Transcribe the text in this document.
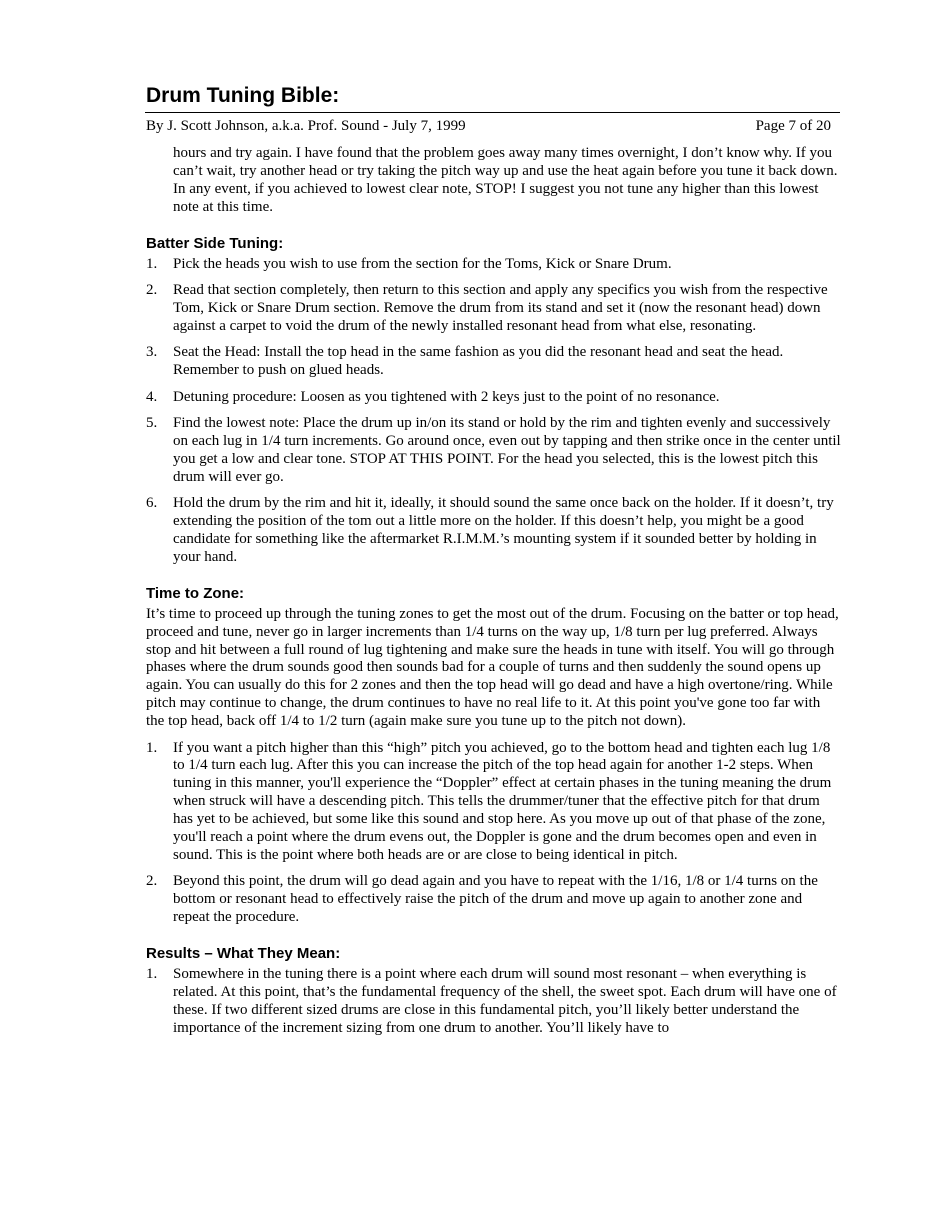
Drum Tuning Bible:
By J. Scott Johnson, a.k.a. Prof. Sound - July 7, 1999	Page 7 of 20

hours and try again. I have found that the problem goes away many times overnight, I don’t know why. If you can’t wait, try another head or try taking the pitch way up and use the heat again before you tune it back down. In any event, if you achieved to lowest clear note, STOP! I suggest you not tune any higher than this lowest note at this time.

Batter Side Tuning:
1. Pick the heads you wish to use from the section for the Toms, Kick or Snare Drum.
2. Read that section completely, then return to this section and apply any specifics you wish from the respective Tom, Kick or Snare Drum section. Remove the drum from its stand and set it (now the resonant head) down against a carpet to void the drum of the newly installed resonant head from what else, resonating.
3. Seat the Head: Install the top head in the same fashion as you did the resonant head and seat the head. Remember to push on glued heads.
4. Detuning procedure: Loosen as you tightened with 2 keys just to the point of no resonance.
5. Find the lowest note: Place the drum up in/on its stand or hold by the rim and tighten evenly and successively on each lug in 1/4 turn increments. Go around once, even out by tapping and then strike once in the center until you get a low and clear tone. STOP AT THIS POINT. For the head you selected, this is the lowest pitch this drum will ever go.
6. Hold the drum by the rim and hit it, ideally, it should sound the same once back on the holder. If it doesn’t, try extending the position of the tom out a little more on the holder. If this doesn’t help, you might be a good candidate for something like the aftermarket R.I.M.M.’s mounting system if it sounded better by holding in your hand.
Time to Zone:

It’s time to proceed up through the tuning zones to get the most out of the drum. Focusing on the batter or top head, proceed and tune, never go in larger increments than 1/4 turns on the way up, 1/8 turn per lug preferred. Always stop and hit between a full round of lug tightening and make sure the heads in tune with itself. You will go through phases where the drum sounds good then sounds bad for a couple of turns and then suddenly the sound opens up again. You can usually do this for 2 zones and then the top head will go dead and have a high overtone/ring. While pitch may continue to change, the drum continues to have no real life to it. At this point you've gone too far with the top head, back off 1/4 to 1/2 turn (again make sure you tune up to the pitch not down).

1. If you want a pitch higher than this “high” pitch you achieved, go to the bottom head and tighten each lug 1/8 to 1/4 turn each lug. After this you can increase the pitch of the top head again for another 1-2 steps. When tuning in this manner, you'll experience the “Doppler” effect at certain phases in the tuning meaning the drum when struck will have a descending pitch. This tells the drummer/tuner that the effective pitch for that drum has yet to be achieved, but some like this sound and stop here. As you move up out of that phase of the zone, you'll reach a point where the drum evens out, the Doppler is gone and the drum becomes open and even in sound. This is the point where both heads are or are close to being identical in pitch.
2. Beyond this point, the drum will go dead again and you have to repeat with the 1/16, 1/8 or 1/4 turns on the bottom or resonant head to effectively raise the pitch of the drum and move up again to another zone and repeat the procedure.
Results – What They Mean:
1. Somewhere in the tuning there is a point where each drum will sound most resonant – when everything is related. At this point, that’s the fundamental frequency of the shell, the sweet spot. Each drum will have one of these. If two different sized drums are close in this fundamental pitch, you’ll likely better understand the importance of the increment sizing from one drum to another. You’ll likely have to
